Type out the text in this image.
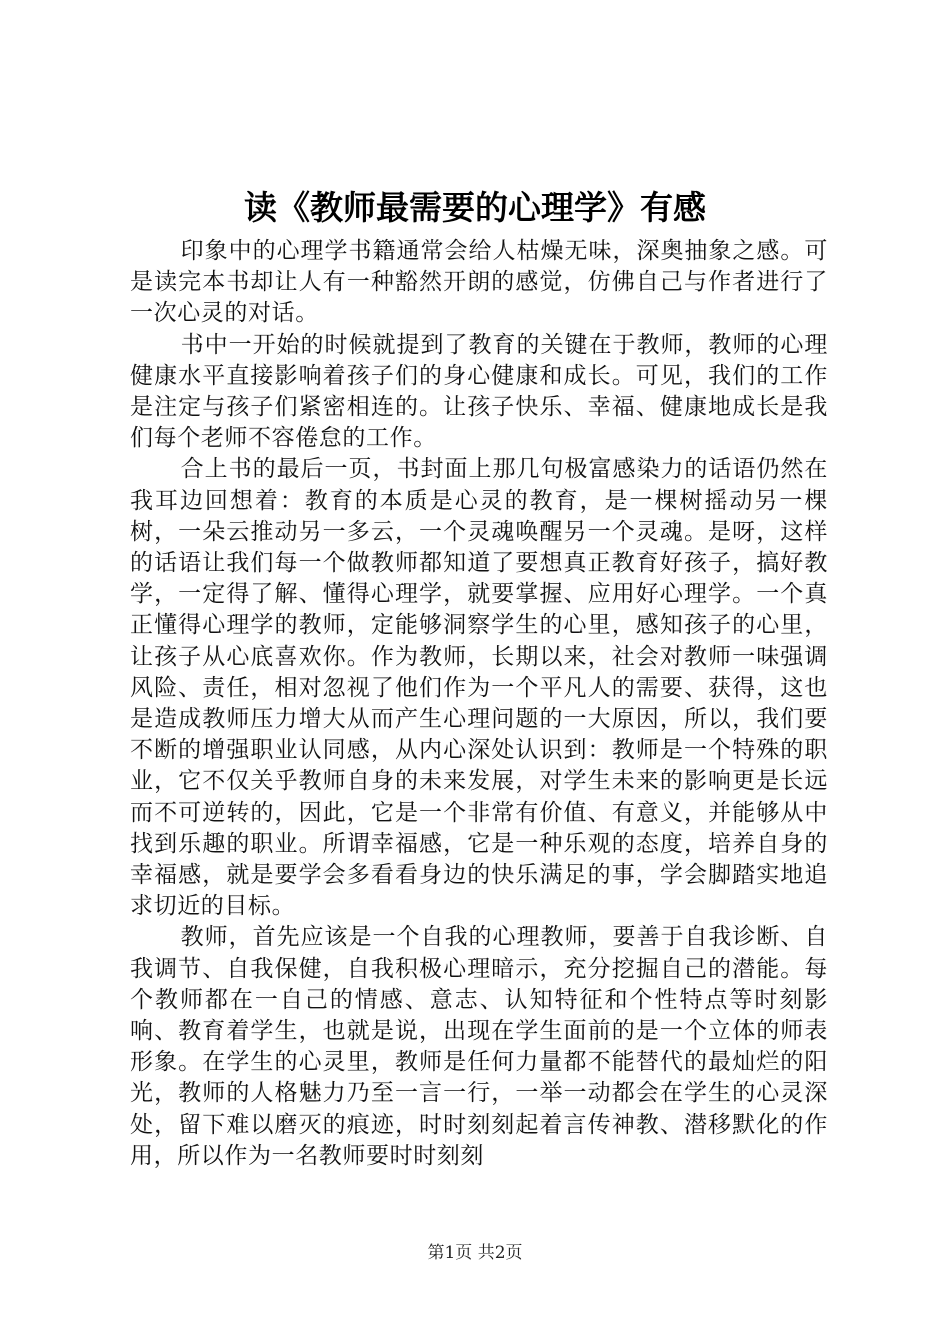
读《教师最需要的心理学》有感

印象中的心理学书籍通常会给人枯燥无味，深奥抽象之感。可是读完本书却让人有一种豁然开朗的感觉，仿佛自己与作者进行了一次心灵的对话。

书中一开始的时候就提到了教育的关键在于教师，教师的心理健康水平直接影响着孩子们的身心健康和成长。可见，我们的工作是注定与孩子们紧密相连的。让孩子快乐、幸福、健康地成长是我们每个老师不容倦怠的工作。

合上书的最后一页，书封面上那几句极富感染力的话语仍然在我耳边回想着：教育的本质是心灵的教育，是一棵树摇动另一棵树，一朵云推动另一多云，一个灵魂唤醒另一个灵魂。是呀，这样的话语让我们每一个做教师都知道了要想真正教育好孩子，搞好教学，一定得了解、懂得心理学，就要掌握、应用好心理学。一个真正懂得心理学的教师，定能够洞察学生的心里，感知孩子的心里，让孩子从心底喜欢你。作为教师，长期以来，社会对教师一味强调风险、责任，相对忽视了他们作为一个平凡人的需要、获得，这也是造成教师压力增大从而产生心理问题的一大原因，所以，我们要不断的增强职业认同感，从内心深处认识到：教师是一个特殊的职业，它不仅关乎教师自身的未来发展，对学生未来的影响更是长远而不可逆转的，因此，它是一个非常有价值、有意义，并能够从中找到乐趣的职业。所谓幸福感，它是一种乐观的态度，培养自身的幸福感，就是要学会多看看身边的快乐满足的事，学会脚踏实地追求切近的目标。

教师，首先应该是一个自我的心理教师，要善于自我诊断、自我调节、自我保健，自我积极心理暗示，充分挖掘自己的潜能。每个教师都在一自己的情感、意志、认知特征和个性特点等时刻影响、教育着学生，也就是说，出现在学生面前的是一个立体的师表形象。在学生的心灵里，教师是任何力量都不能替代的最灿烂的阳光，教师的人格魅力乃至一言一行，一举一动都会在学生的心灵深处，留下难以磨灭的痕迹，时时刻刻起着言传神教、潜移默化的作用，所以作为一名教师要时时刻刻

第1页 共2页
